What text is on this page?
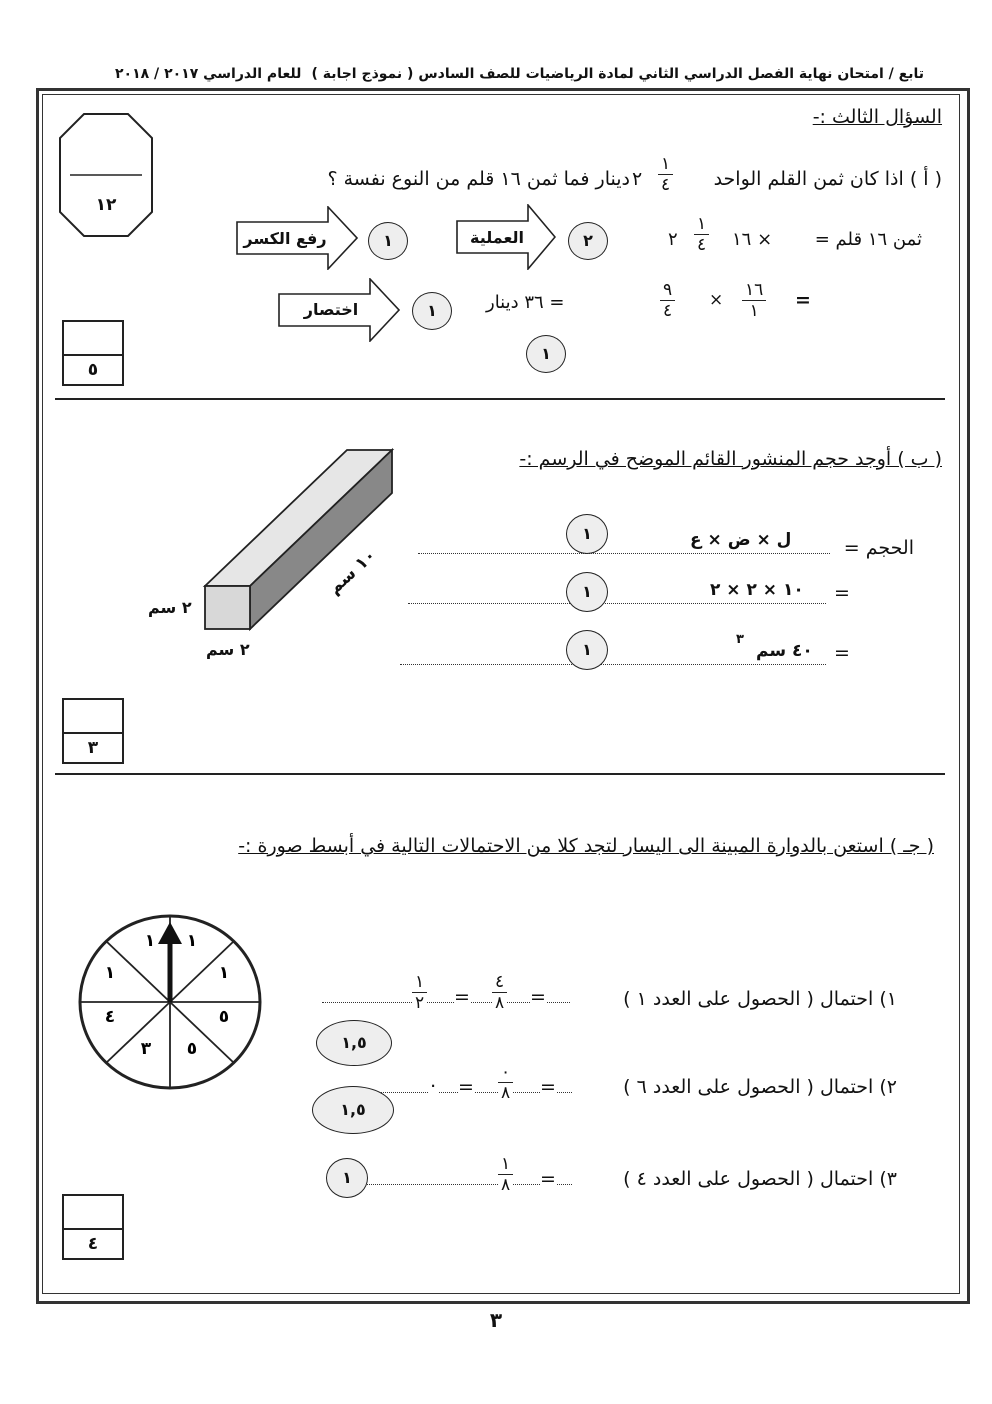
تابع / امتحان نهاية الفصل الدراسي الثاني لمادة الرياضيات للصف السادس ( نموذج اجابة )
للعام الدراسي ٢٠١٧ / ٢٠١٨
١٢
السؤال الثالث :-
( أ ) اذا كان ثمن القلم الواحد
٢
١
٤
دينار فما ثمن ١٦ قلم من النوع نفسة ؟
رفع الكسر	١	العملية	٢	ثمن ١٦ قلم =
١٦ ×
٢
١
٤
اختصار	١	=
١٦
١
×
٩
٤
= ٣٦ دينار
١
٥
( ب ) أوجد حجم المنشور القائم الموضح في الرسم :-
١٠ سم
٢ سم
٢ سم
الحجم =
ل × ض × ع
١
=
١٠ × ٢ × ٢
١
=
٤٠ سم
٣
١
٣
( جـ ) استعن بالدوارة المبينة الى اليسار لتجد كلا من الاحتمالات التالية في أبسط صورة :-
١
١
٥
٥
٣
٤
١
١
١) احتمال ( الحصول على العدد ١ )
=
٤
٨
=
١
٢
١,٥
٢) احتمال ( الحصول على العدد ٦ )
=
٠
٨
=
٠
١,٥
٣) احتمال ( الحصول على العدد ٤ )
=
١
٨
١
٤
٣
